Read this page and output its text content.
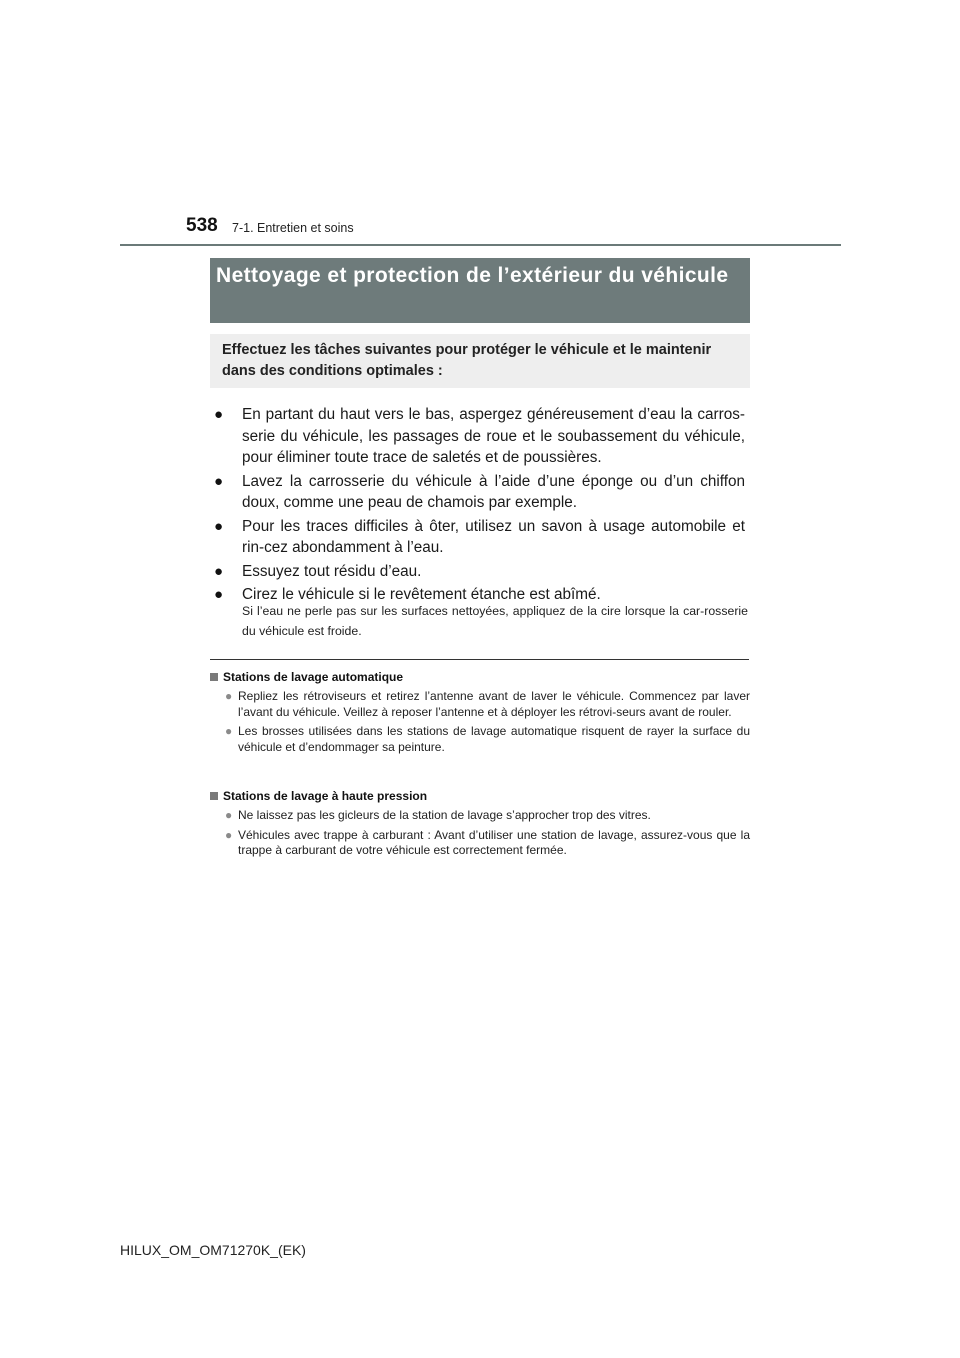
538 7-1. Entretien et soins
Nettoyage et protection de l’extérieur du véhicule
Effectuez les tâches suivantes pour protéger le véhicule et le maintenir dans des conditions optimales :
● En partant du haut vers le bas, aspergez généreusement d’eau la carros-serie du véhicule, les passages de roue et le soubassement du véhicule, pour éliminer toute trace de saletés et de poussières.
● Lavez la carrosserie du véhicule à l’aide d’une éponge ou d’un chiffon doux, comme une peau de chamois par exemple.
● Pour les traces difficiles à ôter, utilisez un savon à usage automobile et rin-cez abondamment à l’eau.
● Essuyez tout résidu d’eau.
● Cirez le véhicule si le revêtement étanche est abîmé.
Si l’eau ne perle pas sur les surfaces nettoyées, appliquez de la cire lorsque la car-rosserie du véhicule est froide.
Stations de lavage automatique
● Repliez les rétroviseurs et retirez l’antenne avant de laver le véhicule. Commencez par laver l’avant du véhicule. Veillez à reposer l’antenne et à déployer les rétrovi-seurs avant de rouler.
● Les brosses utilisées dans les stations de lavage automatique risquent de rayer la surface du véhicule et d’endommager sa peinture.
Stations de lavage à haute pression
● Ne laissez pas les gicleurs de la station de lavage s’approcher trop des vitres.
● Véhicules avec trappe à carburant : Avant d’utiliser une station de lavage, assurez-vous que la trappe à carburant de votre véhicule est correctement fermée.
HILUX_OM_OM71270K_(EK)
